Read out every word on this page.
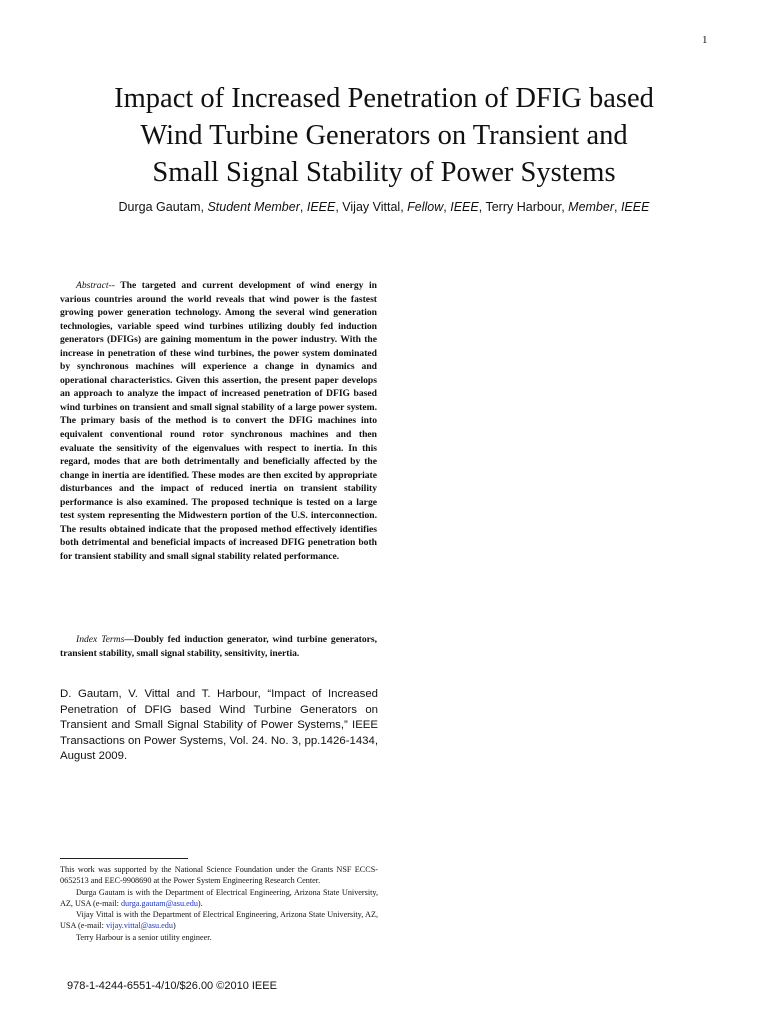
1
Impact of Increased Penetration of DFIG based
Wind Turbine Generators on Transient and
Small Signal Stability of Power Systems
Durga Gautam, Student Member, IEEE, Vijay Vittal, Fellow, IEEE, Terry Harbour, Member, IEEE

Abstract-- The targeted and current development of wind energy in various countries around the world reveals that wind power is the fastest growing power generation technology. Among the several wind generation technologies, variable speed wind turbines utilizing doubly fed induction generators (DFIGs) are gaining momentum in the power industry. With the increase in penetration of these wind turbines, the power system dominated by synchronous machines will experience a change in dynamics and operational characteristics. Given this assertion, the present paper develops an approach to analyze the impact of increased penetration of DFIG based wind turbines on transient and small signal stability of a large power system. The primary basis of the method is to convert the DFIG machines into equivalent conventional round rotor synchronous machines and then evaluate the sensitivity of the eigenvalues with respect to inertia. In this regard, modes that are both detrimentally and beneficially affected by the change in inertia are identified. These modes are then excited by appropriate disturbances and the impact of reduced inertia on transient stability performance is also examined. The proposed technique is tested on a large test system representing the Midwestern portion of the U.S. interconnection. The results obtained indicate that the proposed method effectively identifies both detrimental and beneficial impacts of increased DFIG penetration both for transient stability and small signal stability related performance.

Index Terms—Doubly fed induction generator, wind turbine generators, transient stability, small signal stability, sensitivity, inertia.

D. Gautam, V. Vittal and T. Harbour, “Impact of Increased Penetration of DFIG based Wind Turbine Generators on Transient and Small Signal Stability of Power Systems,” IEEE Transactions on Power Systems, Vol. 24. No. 3, pp.1426-1434, August 2009.

This work was supported by the National Science Foundation under the Grants NSF ECCS-0652513 and EEC-9908690 at the Power System Engineering Research Center.

Durga Gautam is with the Department of Electrical Engineering, Arizona State University, AZ, USA (e-mail: durga.gautam@asu.edu).

Vijay Vittal is with the Department of Electrical Engineering, Arizona State University, AZ, USA (e-mail: vijay.vittal@asu.edu)

Terry Harbour is a senior utility engineer.

978-1-4244-6551-4/10/$26.00 ©2010 IEEE
